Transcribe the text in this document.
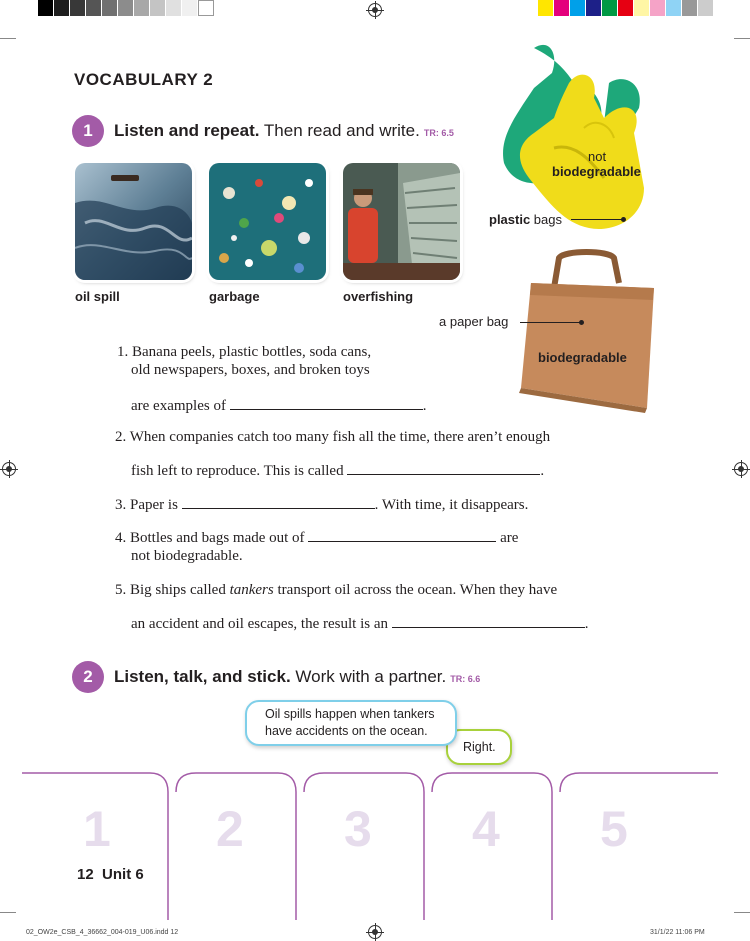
VOCABULARY 2
1	Listen and repeat. Then read and write. TR: 6.5
oil spill	garbage	overfishing
not
biodegradable
plastic bags
a paper bag
biodegradable
1. Banana peels, plastic bottles, soda cans,
old newspapers, boxes, and broken toys
are examples of	.
2. When companies catch too many fish all the time, there aren’t enough
fish left to reproduce. This is called	.
3. Paper is	. With time, it disappears.
4. Bottles and bags made out of	are
not biodegradable.
5. Big ships called tankers transport oil across the ocean. When they have
an accident and oil escapes, the result is an	.
2	Listen, talk, and stick. Work with a partner. TR: 6.6
Right.
Oil spills happen when tankers
have accidents on the ocean.
1 2 3 4 5
12 Unit 6
02_OW2e_CSB_4_36662_004-019_U06.indd 12	31/1/22 11:06 PM
